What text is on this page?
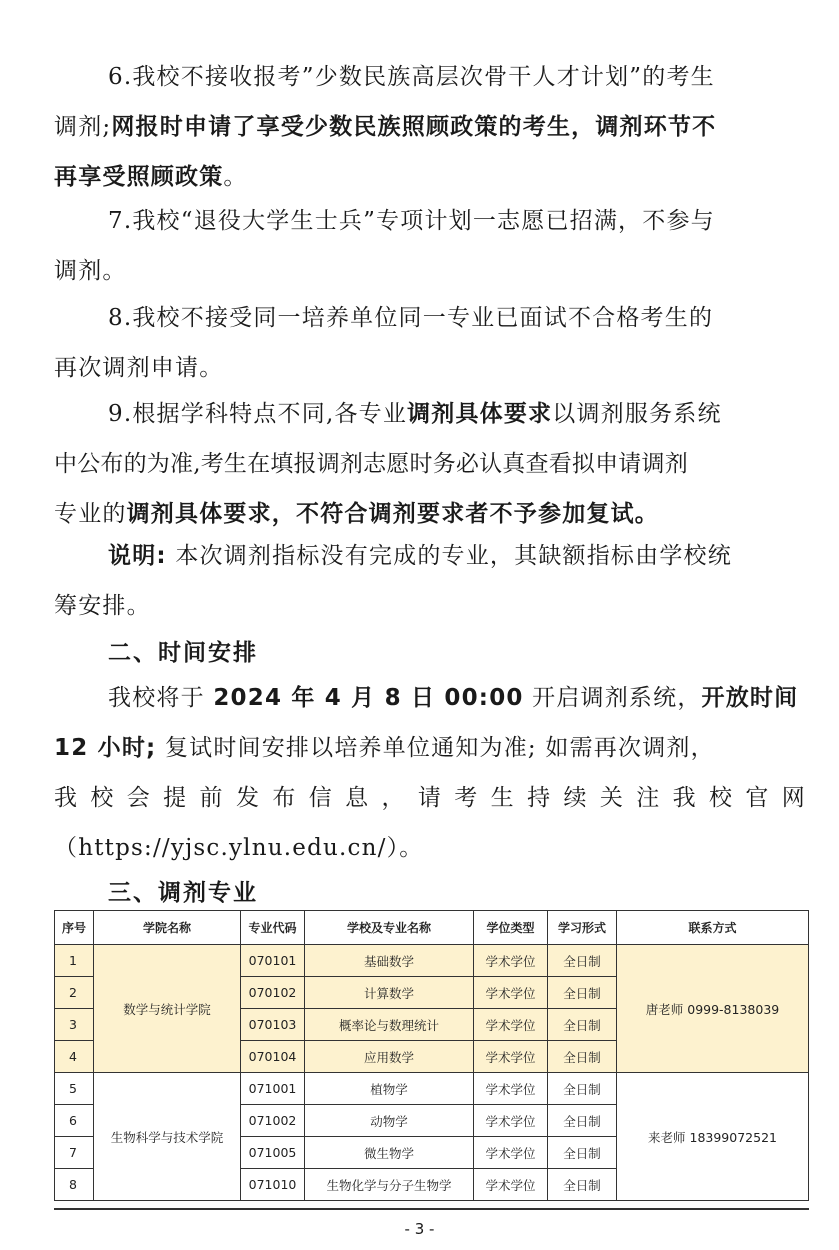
6.我校不接收报考”少数民族高层次骨干人才计划”的考生
调剂;网报时申请了享受少数民族照顾政策的考生，调剂环节不
再享受照顾政策。
7.我校“退役大学生士兵”专项计划一志愿已招满，不参与
调剂。
8.我校不接受同一培养单位同一专业已面试不合格考生的
再次调剂申请。
9.根据学科特点不同,各专业调剂具体要求以调剂服务系统
中公布的为准,考生在填报调剂志愿时务必认真查看拟申请调剂
专业的调剂具体要求，不符合调剂要求者不予参加复试。
说明: 本次调剂指标没有完成的专业，其缺额指标由学校统
筹安排。
二、时间安排
我校将于 2024 年 4 月 8 日 00:00 开启调剂系统，开放时间
12 小时; 复试时间安排以培养单位通知为准; 如需再次调剂，
我校会提前发布信息，请考生持续关注我校官网
（https://yjsc.ylnu.edu.cn/）。
三、调剂专业
序号	学院名称	专业代码	学校及专业名称	学位类型	学习形式	联系方式
1	数学与统计学院	070101	基础数学	学术学位	全日制	唐老师 0999-8138039
2		070102	计算数学	学术学位	全日制	
3		070103	概率论与数理统计	学术学位	全日制	
4		070104	应用数学	学术学位	全日制	
5	生物科学与技术学院	071001	植物学	学术学位	全日制	来老师 18399072521
6		071002	动物学	学术学位	全日制	
7		071005	微生物学	学术学位	全日制	
8		071010	生物化学与分子生物学	学术学位	全日制	
- 3 -
